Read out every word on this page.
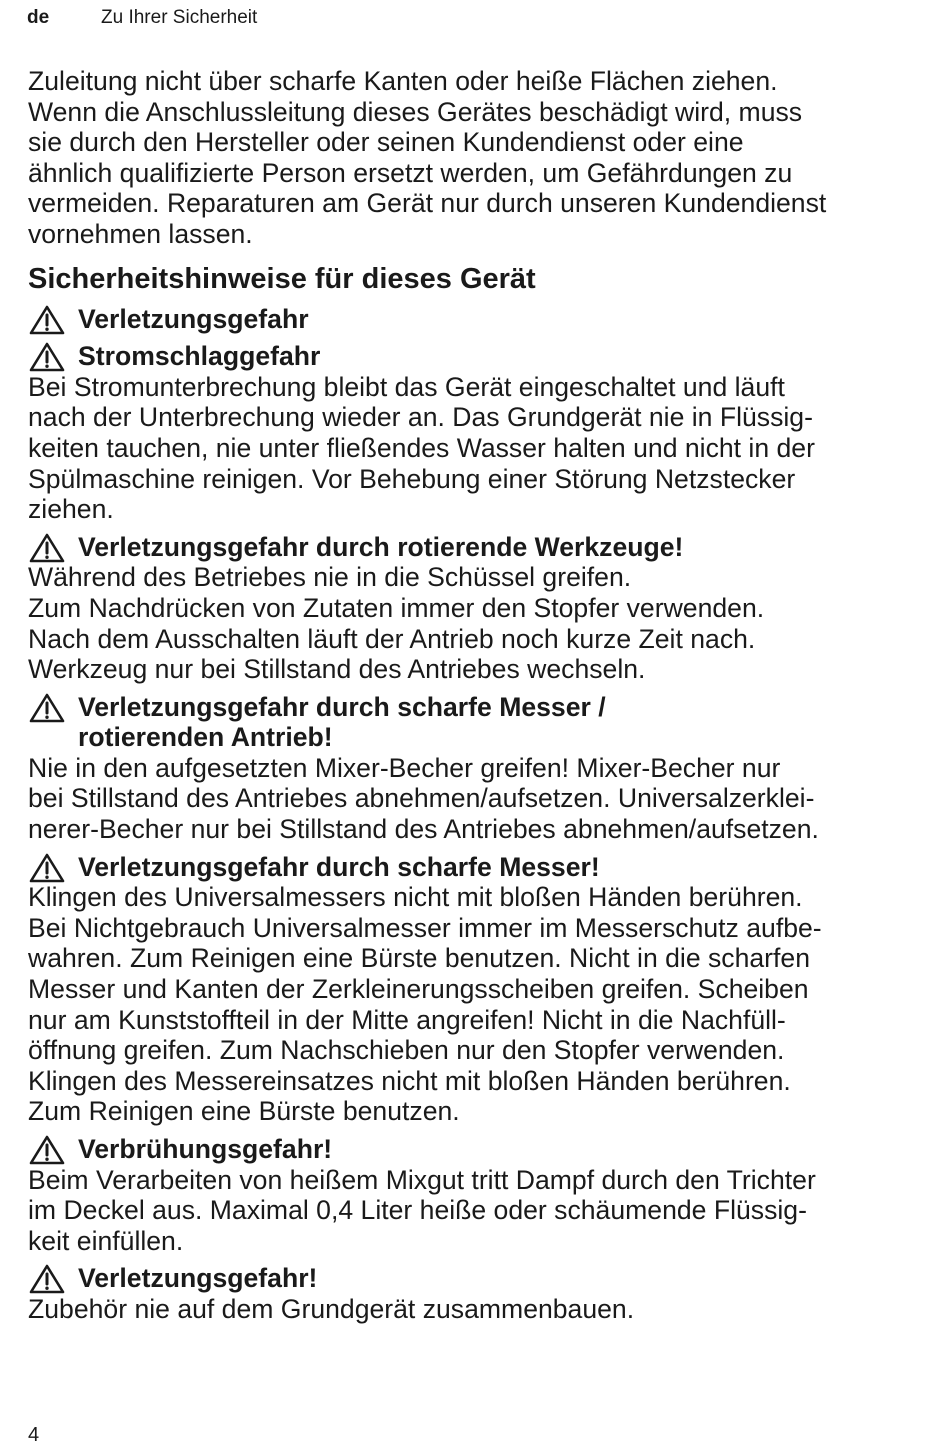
de	Zu Ihrer Sicherheit
Zuleitung nicht über scharfe Kanten oder heiße Flächen ziehen.
Wenn die Anschlussleitung dieses Gerätes beschädigt wird, muss
sie durch den Hersteller oder seinen Kundendienst oder eine
ähnlich qualifizierte Person ersetzt werden, um Gefährdungen zu
vermeiden. Reparaturen am Gerät nur durch unseren Kundendienst
vornehmen lassen.
Sicherheitshinweise für dieses Gerät
Verletzungsgefahr
Stromschlaggefahr
Bei Stromunterbrechung bleibt das Gerät eingeschaltet und läuft
nach der Unterbrechung wieder an. Das Grundgerät nie in Flüssig-
keiten tauchen, nie unter fließendes Wasser halten und nicht in der
Spülmaschine reinigen. Vor Behebung einer Störung Netzstecker
ziehen.
Verletzungsgefahr durch rotierende Werkzeuge!
Während des Betriebes nie in die Schüssel greifen.
Zum Nachdrücken von Zutaten immer den Stopfer verwenden.
Nach dem Ausschalten läuft der Antrieb noch kurze Zeit nach.
Werkzeug nur bei Stillstand des Antriebes wechseln.
Verletzungsgefahr durch scharfe Messer /
rotierenden Antrieb!
Nie in den aufgesetzten Mixer-Becher greifen! Mixer-Becher nur
bei Stillstand des Antriebes abnehmen/aufsetzen. Universalzerklei-
nerer-Becher nur bei Stillstand des Antriebes abnehmen/aufsetzen.
Verletzungsgefahr durch scharfe Messer!
Klingen des Universalmessers nicht mit bloßen Händen berühren.
Bei Nichtgebrauch Universalmesser immer im Messerschutz aufbe-
wahren. Zum Reinigen eine Bürste benutzen. Nicht in die scharfen
Messer und Kanten der Zerkleinerungsscheiben greifen. Scheiben
nur am Kunststoffteil in der Mitte angreifen! Nicht in die Nachfüll-
öffnung greifen. Zum Nachschieben nur den Stopfer verwenden.
Klingen des Messereinsatzes nicht mit bloßen Händen berühren.
Zum Reinigen eine Bürste benutzen.
Verbrühungsgefahr!
Beim Verarbeiten von heißem Mixgut tritt Dampf durch den Trichter
im Deckel aus. Maximal 0,4 Liter heiße oder schäumende Flüssig-
keit einfüllen.
Verletzungsgefahr!
Zubehör nie auf dem Grundgerät zusammenbauen.
4
